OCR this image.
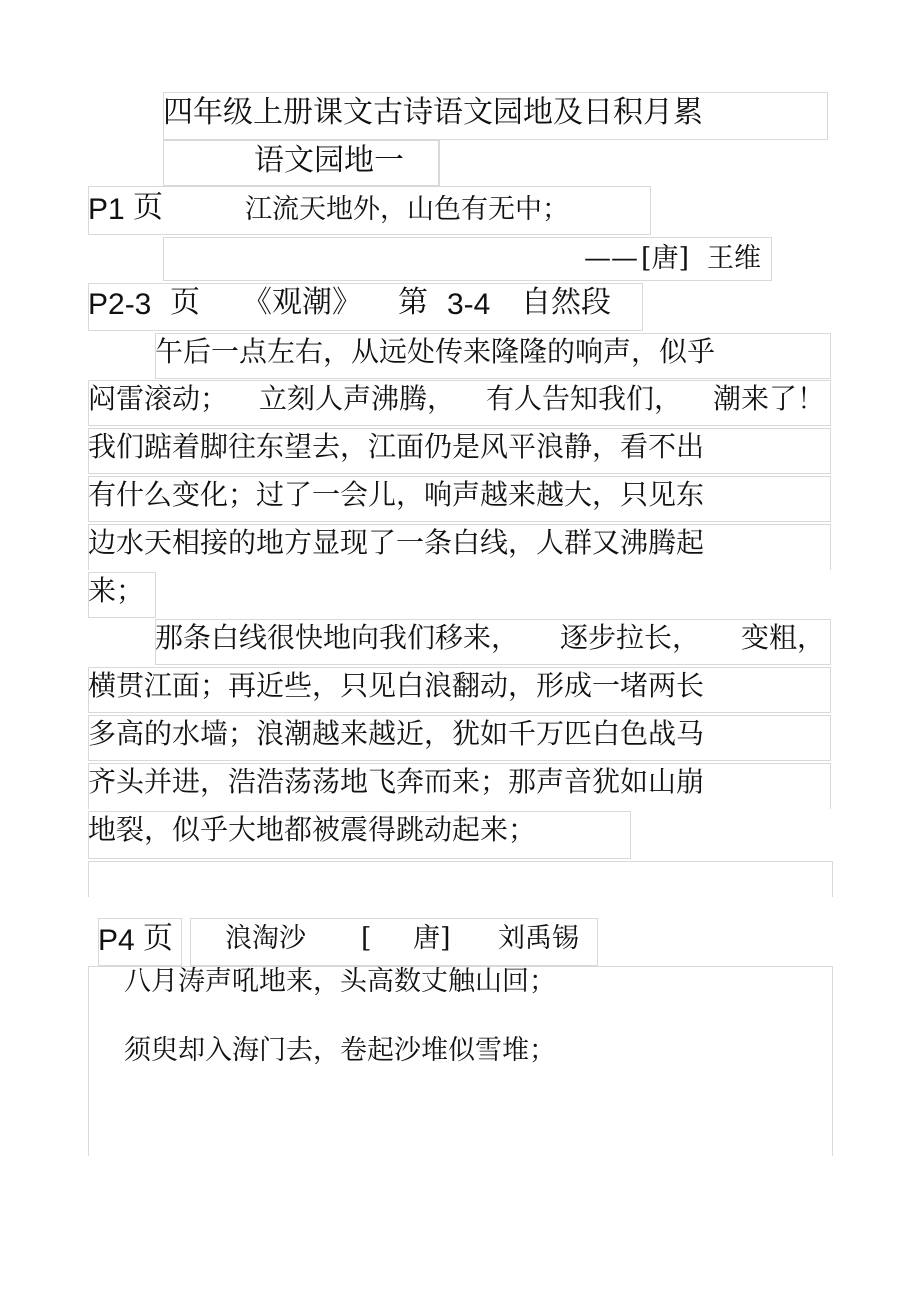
四年级上册课文古诗语文园地及日积月累
语文园地一
P1 页	江流天地外，山色有无中；
—— [唐] 王维
P2-3 页 《观潮》 第 3-4 自然段
午后一点左右，从远处传来隆隆的响声，似乎
闷雷滚动； 立刻人声沸腾， 有人告知我们， 潮来了！
我们踮着脚往东望去，江面仍是风平浪静，看不出
有什么变化；过了一会儿，响声越来越大，只见东
边水天相接的地方显现了一条白线，人群又沸腾起
来；
那条白线很快地向我们移来， 逐步拉长， 变粗，
横贯江面；再近些，只见白浪翻动，形成一堵两长
多高的水墙；浪潮越来越近，犹如千万匹白色战马
齐头并进，浩浩荡荡地飞奔而来；那声音犹如山崩
地裂，似乎大地都被震得跳动起来；
P4 页 浪淘沙 [ 唐] 刘禹锡
八月涛声吼地来，头高数丈触山回；
须臾却入海门去，卷起沙堆似雪堆；
